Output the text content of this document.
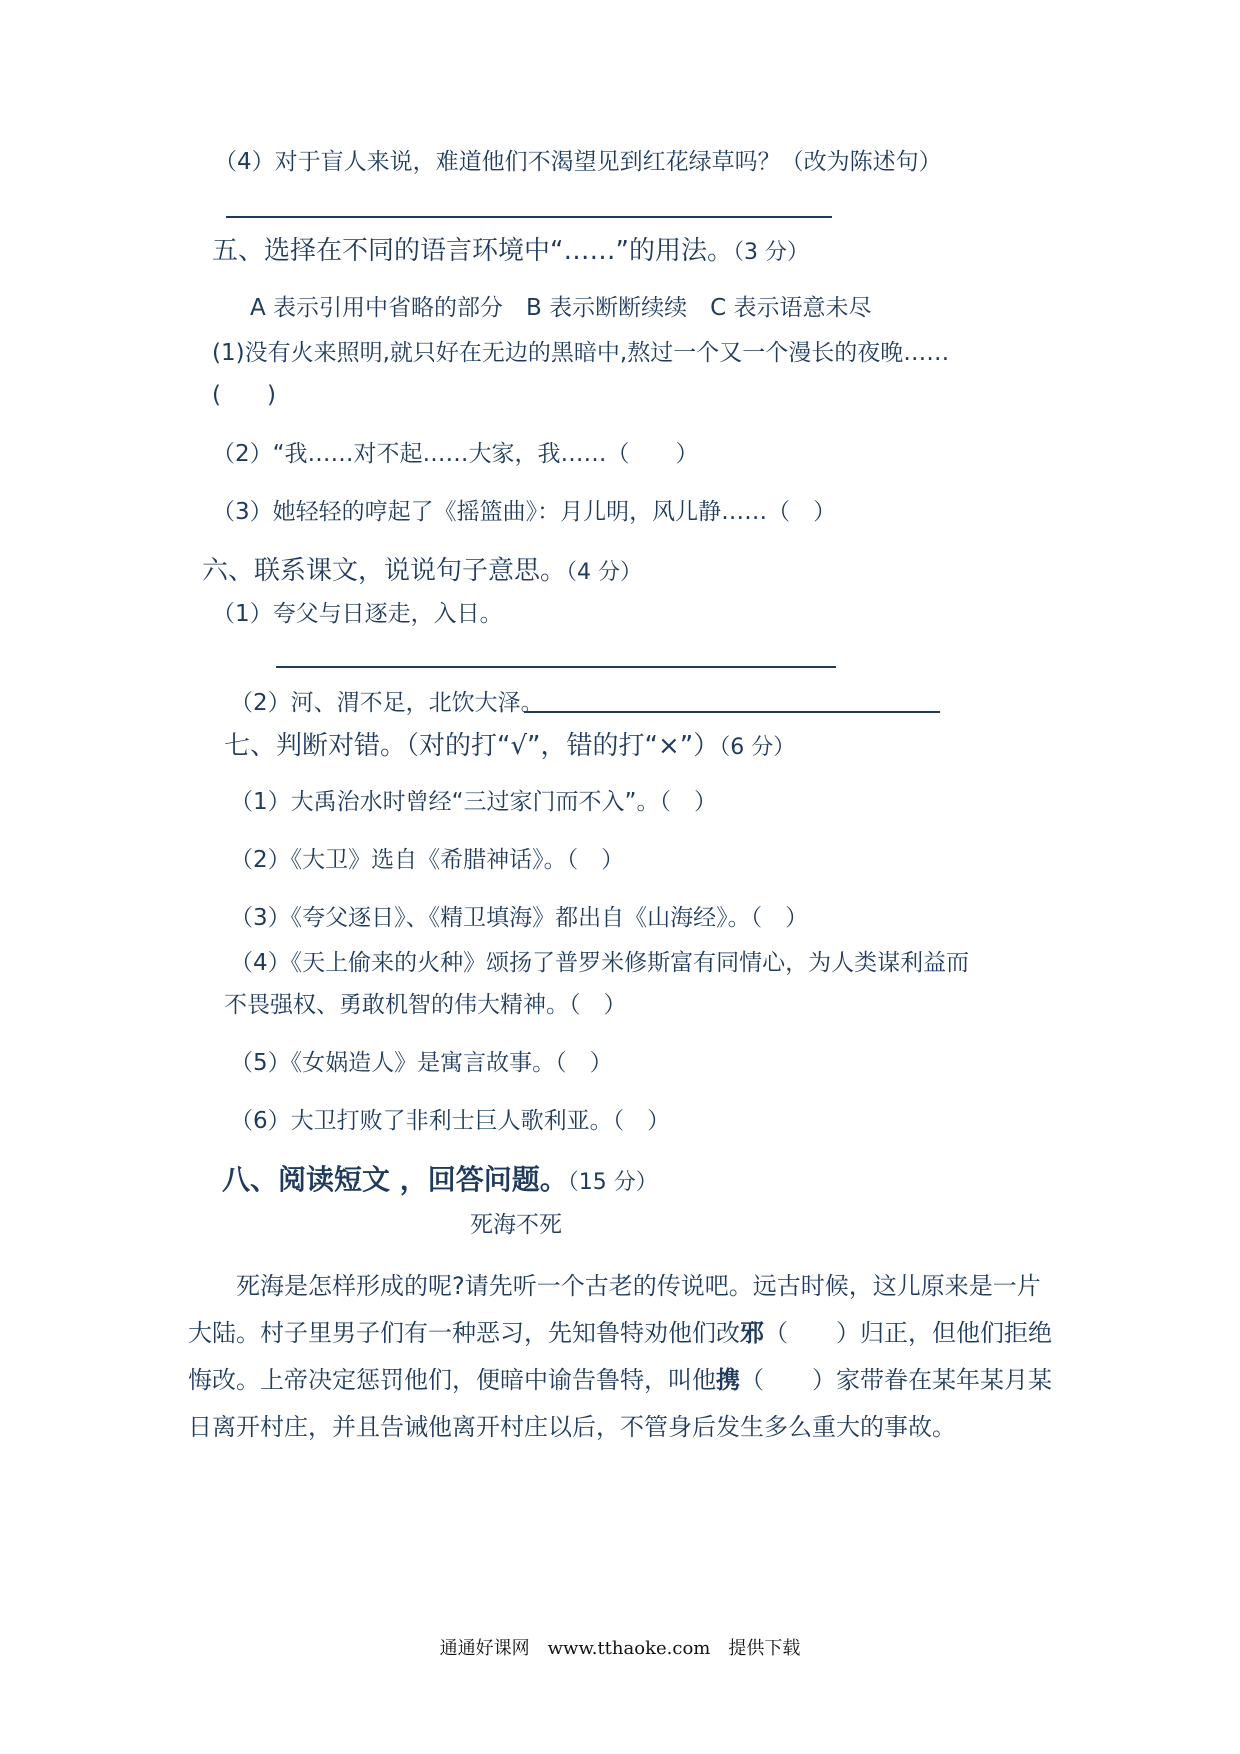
（4）对于盲人来说，难道他们不渴望见到红花绿草吗？（改为陈述句）
五、选择在不同的语言环境中“……”的用法。（3 分）
A 表示引用中省略的部分　B 表示断断续续　C 表示语意未尽
(1)没有火来照明,就只好在无边的黑暗中,熬过一个又一个漫长的夜晚……
(　　)
（2）“我……对不起……大家，我……（　　）
（3）她轻轻的哼起了《摇篮曲》：月儿明，风儿静……（　）
六、联系课文，说说句子意思。（4 分）
（1）夸父与日逐走，入日。
（2）河、渭不足，北饮大泽。
七、判断对错。（对的打“√”，错的打“×”）（6 分）
（1）大禹治水时曾经“三过家门而不入”。（　）
（2）《大卫》选自《希腊神话》。（　）
（3）《夸父逐日》、《精卫填海》都出自《山海经》。（　）
（4）《天上偷来的火种》颂扬了普罗米修斯富有同情心，为人类谋利益而
不畏强权、勇敢机智的伟大精神。（　）
（5）《女娲造人》是寓言故事。（　）
（6）大卫打败了非利士巨人歌利亚。（　）
八、阅读短文 ，回答问题。（15 分）
死海不死
　　死海是怎样形成的呢?请先听一个古老的传说吧。远古时候，这儿原来是一片大陆。村子里男子们有一种恶习，先知鲁特劝他们改邪（　　）归正，但他们拒绝悔改。上帝决定惩罚他们，便暗中谕告鲁特，叫他携（　　）家带眷在某年某月某日离开村庄，并且告诫他离开村庄以后，不管身后发生多么重大的事故。
通通好课网　www.tthaoke.com　提供下载
